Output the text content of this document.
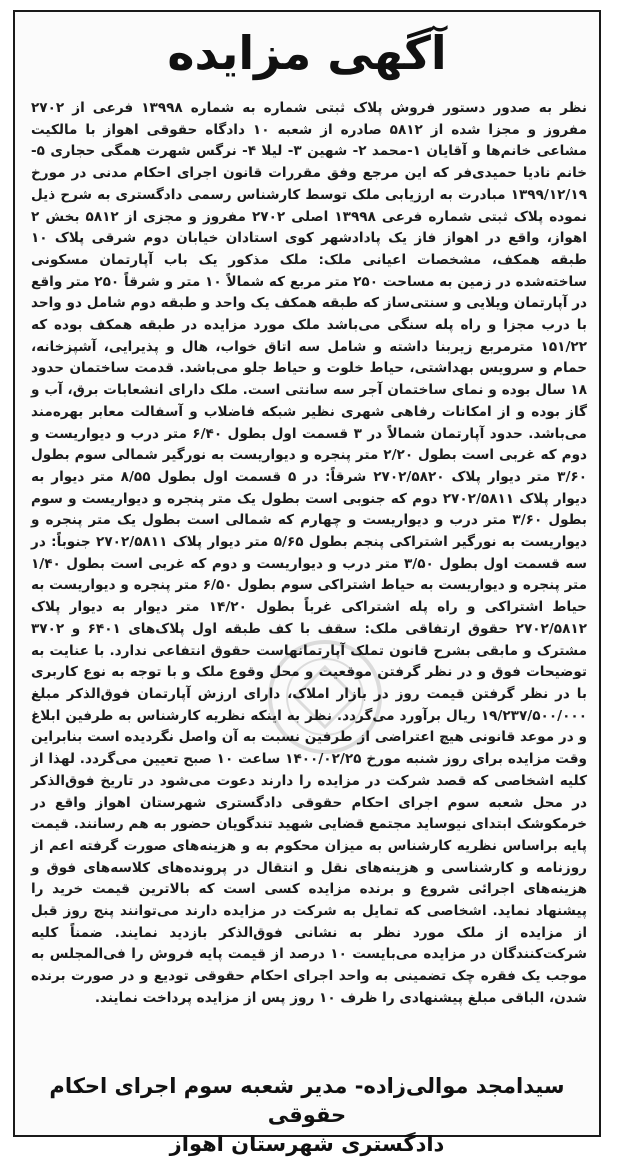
آگهی مزایده

نظر به صدور دستور فروش پلاک ثبتی شماره به شماره ۱۳۹۹۸ فرعی از ۲۷۰۲ مفروز و مجزا شده از ۵۸۱۲ صادره از شعبه ۱۰ دادگاه حقوقی اهواز با مالکیت مشاعی خانم‌ها و آقایان ۱-محمد ۲- شهین ۳- لیلا ۴- نرگس شهرت همگی حجاری ۵- خانم نادیا حمیدی‌فر که این مرجع وفق مقررات قانون اجرای احکام مدنی در مورخ ۱۳۹۹/۱۲/۱۹ مبادرت به ارزیابی ملک توسط کارشناس رسمی دادگستری به شرح ذیل نموده پلاک ثبتی شماره فرعی ۱۳۹۹۸ اصلی ۲۷۰۲ مفروز و مجزی از ۵۸۱۲ بخش ۲ اهواز، واقع در اهواز فاز یک پادادشهر کوی استادان خیابان دوم شرقی پلاک ۱۰ طبقه همکف، مشخصات اعیانی ملک: ملک مذکور یک باب آپارتمان مسکونی ساخته‌شده در زمین به مساحت ۲۵۰ متر مربع که شمالاً ۱۰ متر و شرقاً ۲۵۰ متر واقع در آپارتمان ویلایی و سنتی‌ساز که طبقه همکف یک واحد و طبقه دوم شامل دو واحد با درب مجزا و راه پله سنگی می‌باشد ملک مورد مزایده در طبقه همکف بوده که ۱۵۱/۲۲ مترمربع زیربنا داشته و شامل سه اتاق خواب، هال و پذیرایی، آشپزخانه، حمام و سرویس بهداشتی، حیاط خلوت و حیاط جلو می‌باشد. قدمت ساختمان حدود ۱۸ سال بوده و نمای ساختمان آجر سه سانتی است. ملک دارای انشعابات برق، آب و گاز بوده و از امکانات رفاهی شهری نظیر شبکه فاضلاب و آسفالت معابر بهره‌مند می‌باشد. حدود آپارتمان شمالاً در ۳ قسمت اول بطول ۶/۴۰ متر درب و دیواریست و دوم که غربی است بطول ۲/۲۰ متر پنجره و دیواریست به نورگیر شمالی سوم بطول ۳/۶۰ متر دیوار پلاک ۲۷۰۲/۵۸۲۰ شرقاً: در ۵ قسمت اول بطول ۸/۵۵ متر دیوار به دیوار پلاک ۲۷۰۲/۵۸۱۱ دوم که جنوبی است بطول یک متر پنجره و دیواریست و سوم بطول ۳/۶۰ متر درب و دیواریست و چهارم که شمالی است بطول یک متر پنجره و دیواریست به نورگیر اشتراکی پنجم بطول ۵/۶۵ متر دیوار پلاک ۲۷۰۲/۵۸۱۱ جنوباً: در سه قسمت اول بطول ۳/۵۰ متر درب و دیواریست و دوم که غربی است بطول ۱/۴۰ متر پنجره و دیواریست به حیاط اشتراکی سوم بطول ۶/۵۰ متر پنجره و دیواریست به حیاط اشتراکی و راه پله اشتراکی غرباً بطول ۱۴/۲۰ متر دیوار به دیوار پلاک ۲۷۰۲/۵۸۱۲ حقوق ارتفاقی ملک: سقف با کف طبقه اول پلاک‌های ۶۴۰۱ و ۳۷۰۲ مشترک و مابقی بشرح قانون تملک آپارتمانهاست حقوق انتفاعی ندارد. با عنایت به توضیحات فوق و در نظر گرفتن موقعیت و محل وقوع ملک و با توجه به نوع کاربری با در نظر گرفتن قیمت روز در بازار املاک، دارای ارزش آپارتمان فوق‌الذکر مبلغ ۱۹/۲۳۷/۵۰۰/۰۰۰ ریال برآورد می‌گردد. نظر به اینکه نظریه کارشناس به طرفین ابلاغ و در موعد قانونی هیچ اعتراضی از طرفین نسبت به آن واصل نگردیده است بنابراین وقت مزایده برای روز شنبه مورخ ۱۴۰۰/۰۲/۲۵ ساعت ۱۰ صبح تعیین می‌گردد. لهذا از کلیه اشخاصی که قصد شرکت در مزایده را دارند دعوت می‌شود در تاریخ فوق‌الذکر در محل شعبه سوم اجرای احکام حقوقی دادگستری شهرستان اهواز واقع در خرمکوشک ابتدای نیوساید مجتمع قضایی شهید تندگویان حضور به هم رسانند. قیمت پایه براساس نظریه کارشناس به میزان محکوم به و هزینه‌های صورت گرفته اعم از روزنامه و کارشناسی و هزینه‌های نقل و انتقال در پرونده‌های کلاسه‌های فوق و هزینه‌های اجرائی شروع و برنده مزایده کسی است که بالاترین قیمت خرید را پیشنهاد نماید. اشخاصی که تمایل به شرکت در مزایده دارند می‌توانند پنج روز قبل از مزایده از ملک مورد نظر به نشانی فوق‌الذکر بازدید نمایند. ضمناً کلیه شرکت‌کنندگان در مزایده می‌بایست ۱۰ درصد از قیمت پایه فروش را فی‌المجلس به موجب یک فقره چک تضمینی به واحد اجرای احکام حقوقی تودیع و در صورت برنده شدن، الباقی مبلغ پیشنهادی را ظرف ۱۰ روز پس از مزایده پرداخت نمایند.

سیدامجد موالی‌زاده- مدیر شعبه سوم اجرای احکام حقوقی
دادگستری شهرستان اهواز
